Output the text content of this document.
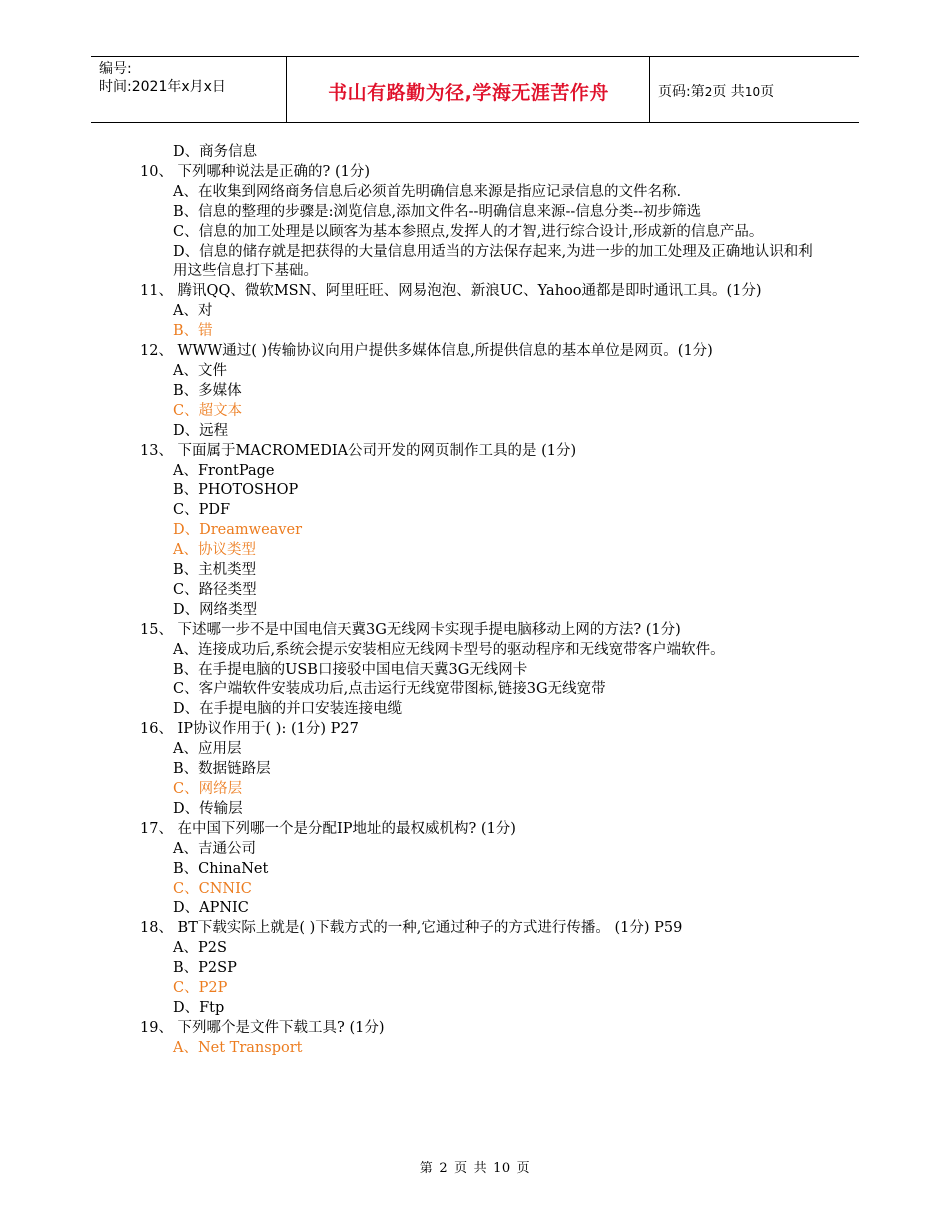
编号:
时间:2021年x月x日	书山有路勤为径,学海无涯苦作舟	页码:第2页 共10页
D、商务信息
10、 下列哪种说法是正确的? (1分)
A、在收集到网络商务信息后必须首先明确信息来源是指应记录信息的文件名称.
B、信息的整理的步骤是:浏览信息,添加文件名--明确信息来源--信息分类--初步筛选
C、信息的加工处理是以顾客为基本参照点,发挥人的才智,进行综合设计,形成新的信息产品。
D、信息的储存就是把获得的大量信息用适当的方法保存起来,为进一步的加工处理及正确地认识和利用这些信息打下基础。
11、 腾讯QQ、微软MSN、阿里旺旺、网易泡泡、新浪UC、Yahoo通都是即时通讯工具。(1分)
A、对
B、错
12、 WWW通过( )传输协议向用户提供多媒体信息,所提供信息的基本单位是网页。(1分)
A、文件
B、多媒体
C、超文本
D、远程
13、 下面属于MACROMEDIA公司开发的网页制作工具的是 (1分)
A、FrontPage
B、PHOTOSHOP
C、PDF
D、Dreamweaver
A、协议类型
B、主机类型
C、路径类型
D、网络类型
15、 下述哪一步不是中国电信天冀3G无线网卡实现手提电脑移动上网的方法? (1分)
A、连接成功后,系统会提示安装相应无线网卡型号的驱动程序和无线宽带客户端软件。
B、在手提电脑的USB口接驳中国电信天冀3G无线网卡
C、客户端软件安装成功后,点击运行无线宽带图标,链接3G无线宽带
D、在手提电脑的并口安装连接电缆
16、 IP协议作用于( ): (1分) P27
A、应用层
B、数据链路层
C、网络层
D、传输层
17、 在中国下列哪一个是分配IP地址的最权威机构? (1分)
A、吉通公司
B、ChinaNet
C、CNNIC
D、APNIC
18、 BT下载实际上就是( )下载方式的一种,它通过种子的方式进行传播。 (1分) P59
A、P2S
B、P2SP
C、P2P
D、Ftp
19、 下列哪个是文件下载工具? (1分)
A、Net Transport
第 2 页 共 10 页
